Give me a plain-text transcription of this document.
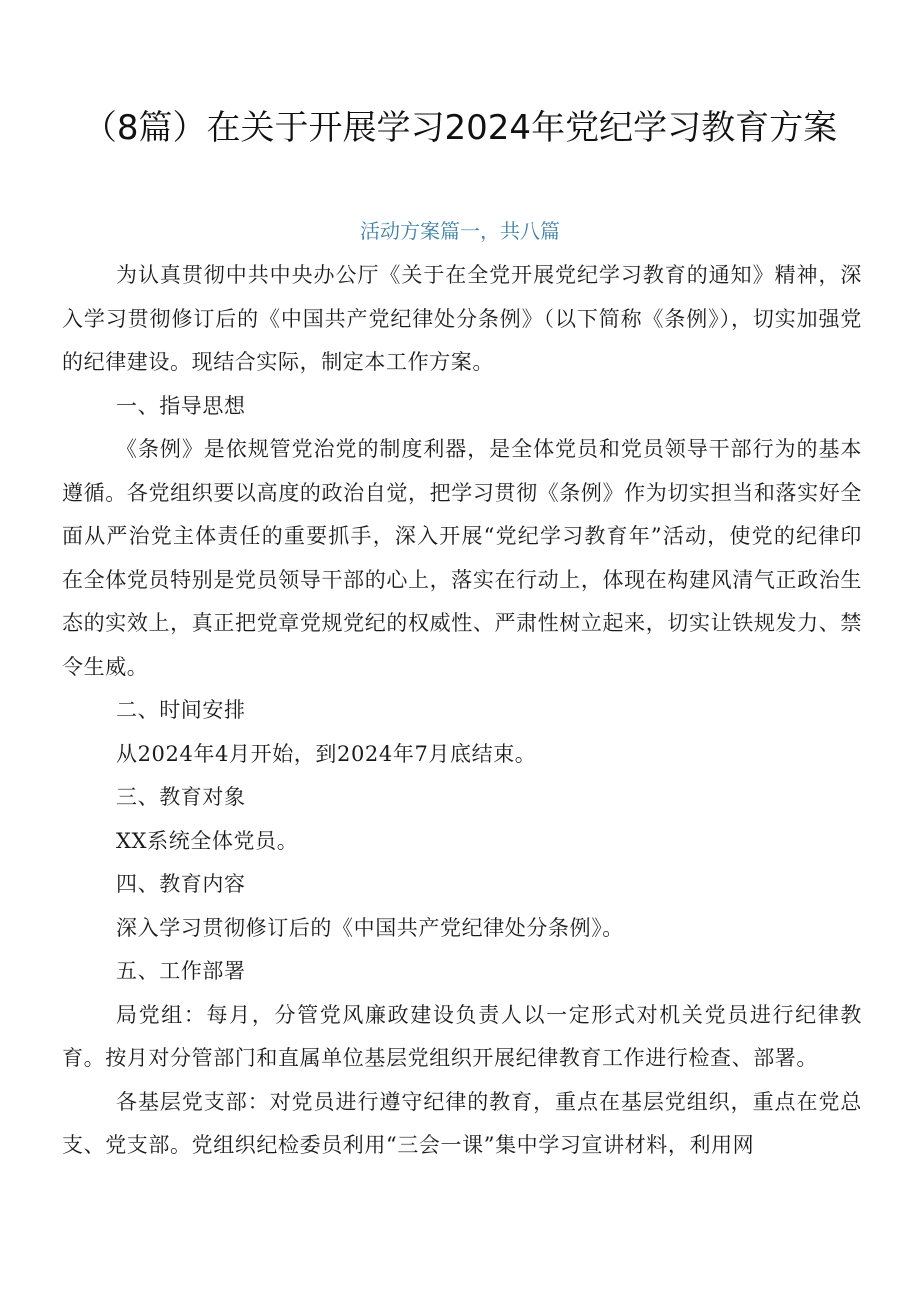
（8篇）在关于开展学习2024年党纪学习教育方案
活动方案篇一，共八篇

为认真贯彻中共中央办公厅《关于在全党开展党纪学习教育的通知》精神，深入学习贯彻修订后的《中国共产党纪律处分条例》（以下简称《条例》），切实加强党的纪律建设。现结合实际，制定本工作方案。

一、指导思想

《条例》是依规管党治党的制度利器，是全体党员和党员领导干部行为的基本遵循。各党组织要以高度的政治自觉，把学习贯彻《条例》作为切实担当和落实好全面从严治党主体责任的重要抓手，深入开展“党纪学习教育年”活动，使党的纪律印在全体党员特别是党员领导干部的心上，落实在行动上，体现在构建风清气正政治生态的实效上，真正把党章党规党纪的权威性、严肃性树立起来，切实让铁规发力、禁令生威。

二、时间安排

从2024年4月开始，到2024年7月底结束。

三、教育对象

XX系统全体党员。

四、教育内容

深入学习贯彻修订后的《中国共产党纪律处分条例》。

五、工作部署

局党组：每月，分管党风廉政建设负责人以一定形式对机关党员进行纪律教育。按月对分管部门和直属单位基层党组织开展纪律教育工作进行检查、部署。

各基层党支部：对党员进行遵守纪律的教育，重点在基层党组织，重点在党总支、党支部。党组织纪检委员利用“三会一课”集中学习宣讲材料，利用网
